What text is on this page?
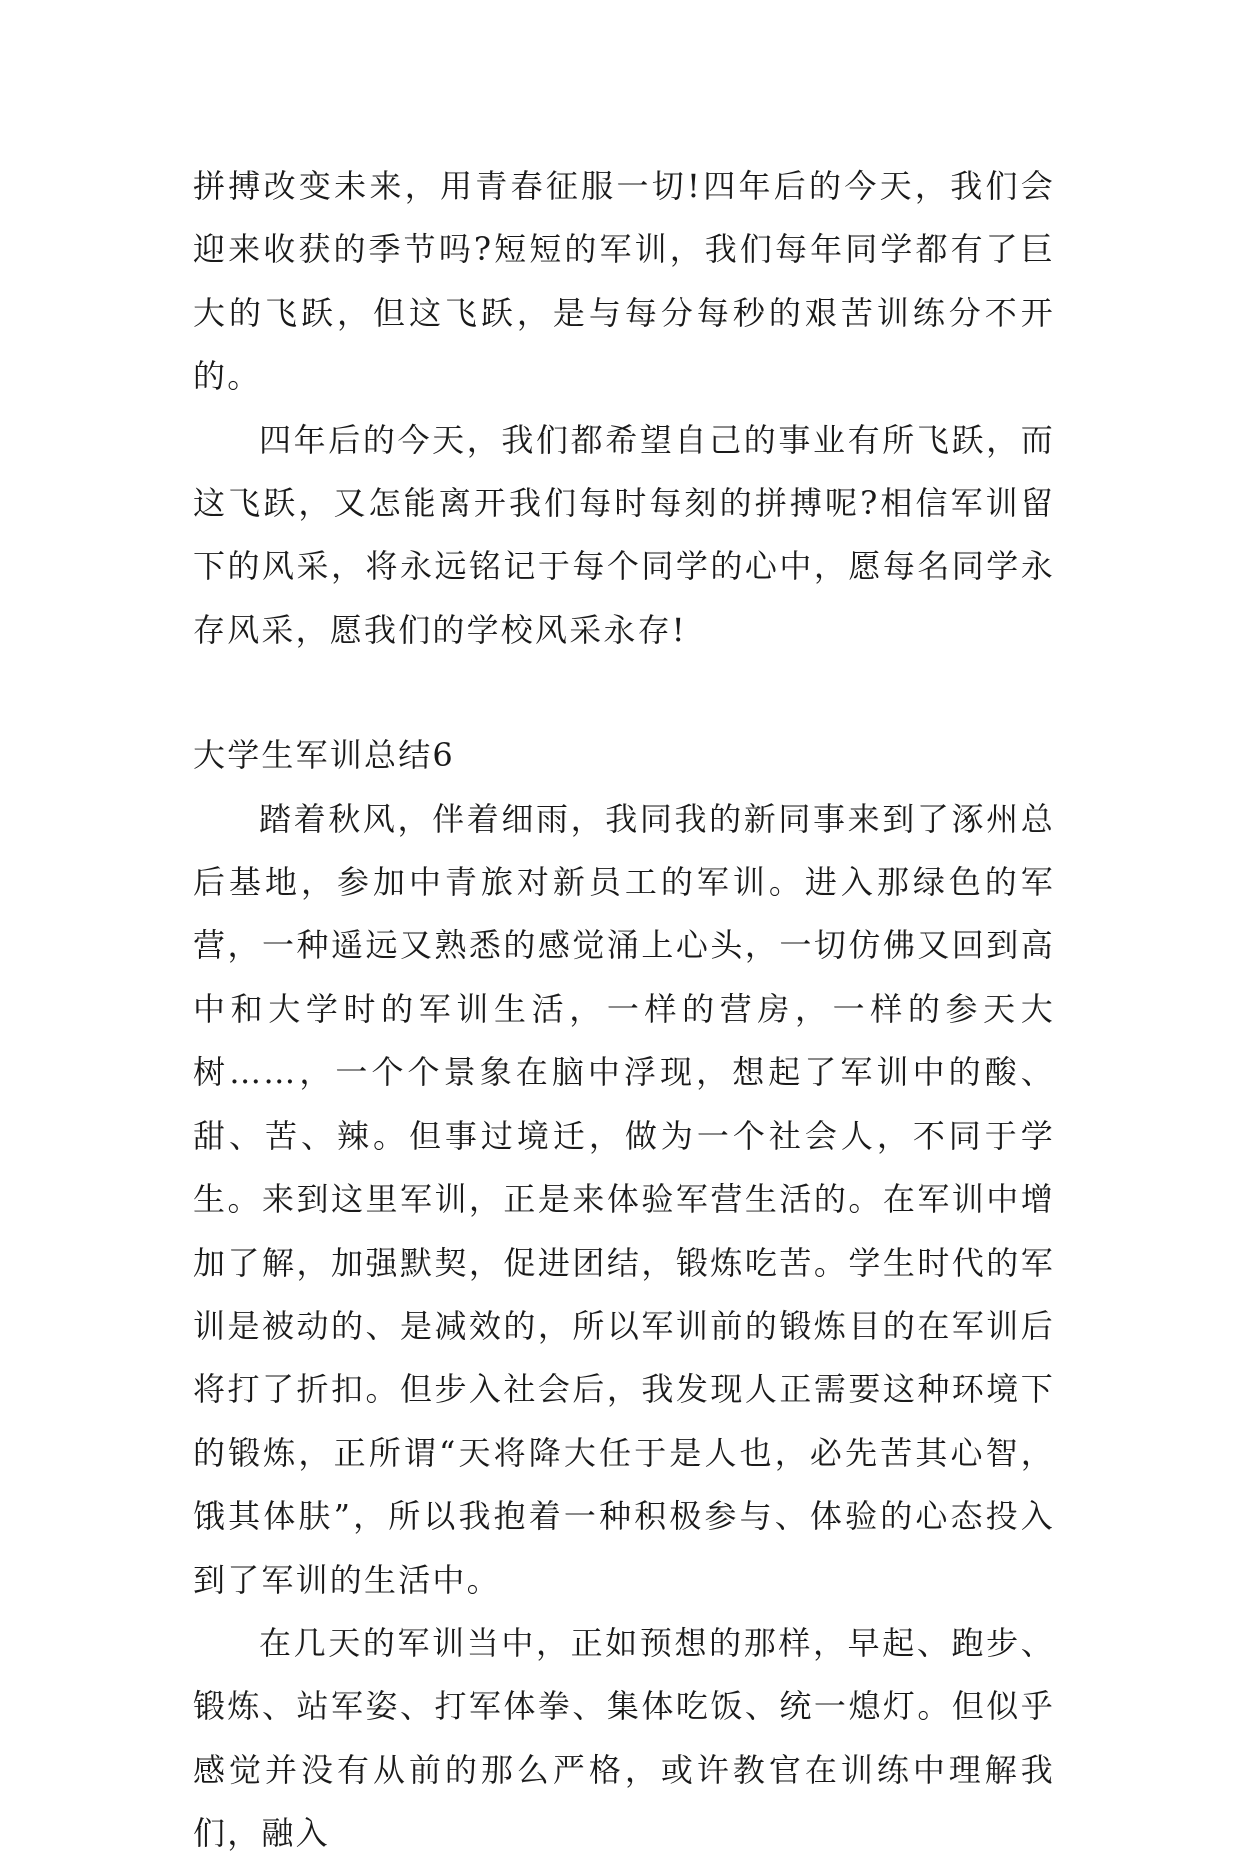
拼搏改变未来，用青春征服一切!四年后的今天，我们会迎来收获的季节吗?短短的军训，我们每年同学都有了巨大的飞跃，但这飞跃，是与每分每秒的艰苦训练分不开的。

四年后的今天，我们都希望自己的事业有所飞跃，而这飞跃，又怎能离开我们每时每刻的拼搏呢?相信军训留下的风采，将永远铭记于每个同学的心中，愿每名同学永存风采，愿我们的学校风采永存!

大学生军训总结6

踏着秋风，伴着细雨，我同我的新同事来到了涿州总后基地，参加中青旅对新员工的军训。进入那绿色的军营，一种遥远又熟悉的感觉涌上心头，一切仿佛又回到高中和大学时的军训生活，一样的营房，一样的参天大树……，一个个景象在脑中浮现，想起了军训中的酸、甜、苦、辣。但事过境迁，做为一个社会人，不同于学生。来到这里军训，正是来体验军营生活的。在军训中增加了解，加强默契，促进团结，锻炼吃苦。学生时代的军训是被动的、是减效的，所以军训前的锻炼目的在军训后将打了折扣。但步入社会后，我发现人正需要这种环境下的锻炼，正所谓“天将降大任于是人也，必先苦其心智，饿其体肤”，所以我抱着一种积极参与、体验的心态投入到了军训的生活中。

在几天的军训当中，正如预想的那样，早起、跑步、锻炼、站军姿、打军体拳、集体吃饭、统一熄灯。但似乎感觉并没有从前的那么严格，或许教官在训练中理解我们，融入
